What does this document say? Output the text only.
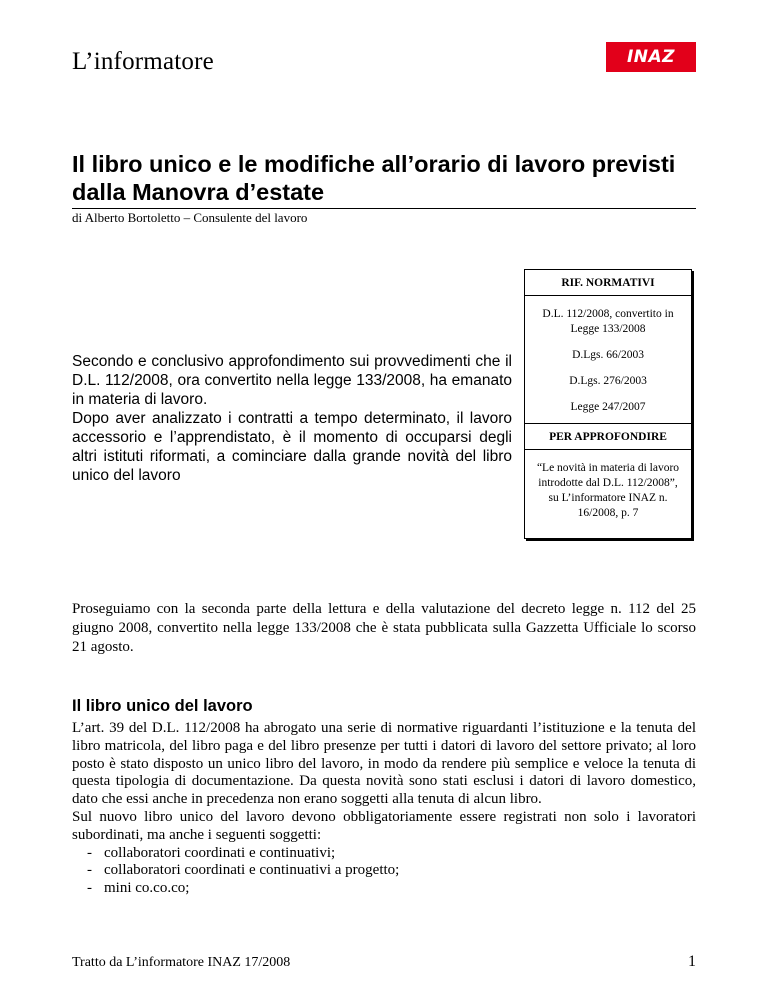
L’informatore	INAZ
Il libro unico e le modifiche all’orario di lavoro previsti dalla Manovra d’estate
di Alberto Bortoletto – Consulente del lavoro
RIF. NORMATIVI
D.L. 112/2008, convertito in Legge 133/2008
D.Lgs. 66/2003
D.Lgs. 276/2003
Legge 247/2007
PER APPROFONDIRE
“Le novità in materia di lavoro introdotte dal D.L. 112/2008”, su L’informatore INAZ n. 16/2008, p. 7

Secondo e conclusivo approfondimento sui provvedimenti che il D.L. 112/2008, ora convertito nella legge 133/2008, ha emanato in materia di lavoro.

Dopo aver analizzato i contratti a tempo determinato, il lavoro accessorio e l’apprendistato, è il momento di occuparsi degli altri istituti riformati, a cominciare dalla grande novità del libro unico del lavoro

Proseguiamo con la seconda parte della lettura e della valutazione del decreto legge n. 112 del 25 giugno 2008, convertito nella legge 133/2008 che è stata pubblicata sulla Gazzetta Ufficiale lo scorso 21 agosto.

Il libro unico del lavoro

L’art. 39 del D.L. 112/2008 ha abrogato una serie di normative riguardanti l’istituzione e la tenuta del libro matricola, del libro paga e del libro presenze per tutti i datori di lavoro del settore privato; al loro posto è stato disposto un unico libro del lavoro, in modo da rendere più semplice e veloce la tenuta di questa tipologia di documentazione. Da questa novità sono stati esclusi i datori di lavoro domestico, dato che essi anche in precedenza non erano soggetti alla tenuta di alcun libro.

Sul nuovo libro unico del lavoro devono obbligatoriamente essere registrati non solo i lavoratori subordinati, ma anche i seguenti soggetti:

- collaboratori coordinati e continuativi;
- collaboratori coordinati e continuativi a progetto;
- mini co.co.co;
Tratto da L’informatore INAZ 17/2008	1
